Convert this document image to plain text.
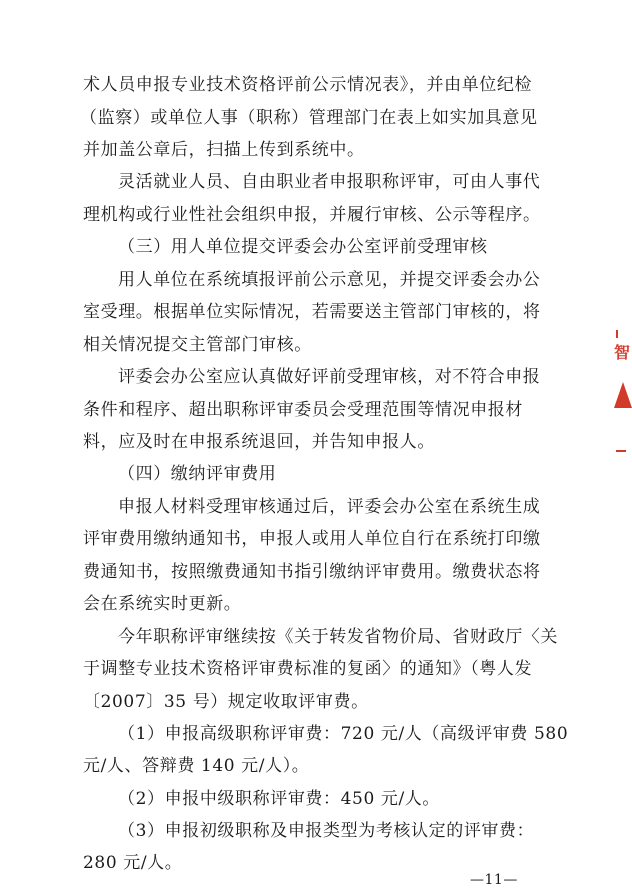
术人员申报专业技术资格评前公示情况表》，并由单位纪检
（监察）或单位人事（职称）管理部门在表上如实加具意见
并加盖公章后，扫描上传到系统中。
灵活就业人员、自由职业者申报职称评审，可由人事代
理机构或行业性社会组织申报，并履行审核、公示等程序。
（三）用人单位提交评委会办公室评前受理审核
用人单位在系统填报评前公示意见，并提交评委会办公
室受理。根据单位实际情况，若需要送主管部门审核的，将
相关情况提交主管部门审核。
评委会办公室应认真做好评前受理审核，对不符合申报
条件和程序、超出职称评审委员会受理范围等情况申报材
料，应及时在申报系统退回，并告知申报人。
（四）缴纳评审费用
申报人材料受理审核通过后，评委会办公室在系统生成
评审费用缴纳通知书，申报人或用人单位自行在系统打印缴
费通知书，按照缴费通知书指引缴纳评审费用。缴费状态将
会在系统实时更新。
今年职称评审继续按《关于转发省物价局、省财政厅〈关
于调整专业技术资格评审费标准的复函〉的通知》（粤人发
〔2007〕35 号）规定收取评审费。
（1）申报高级职称评审费：720 元/人（高级评审费 580
元/人、答辩费 140 元/人）。
（2）申报中级职称评审费：450 元/人。
（3）申报初级职称及申报类型为考核认定的评审费：
280 元/人。
—11—
智
